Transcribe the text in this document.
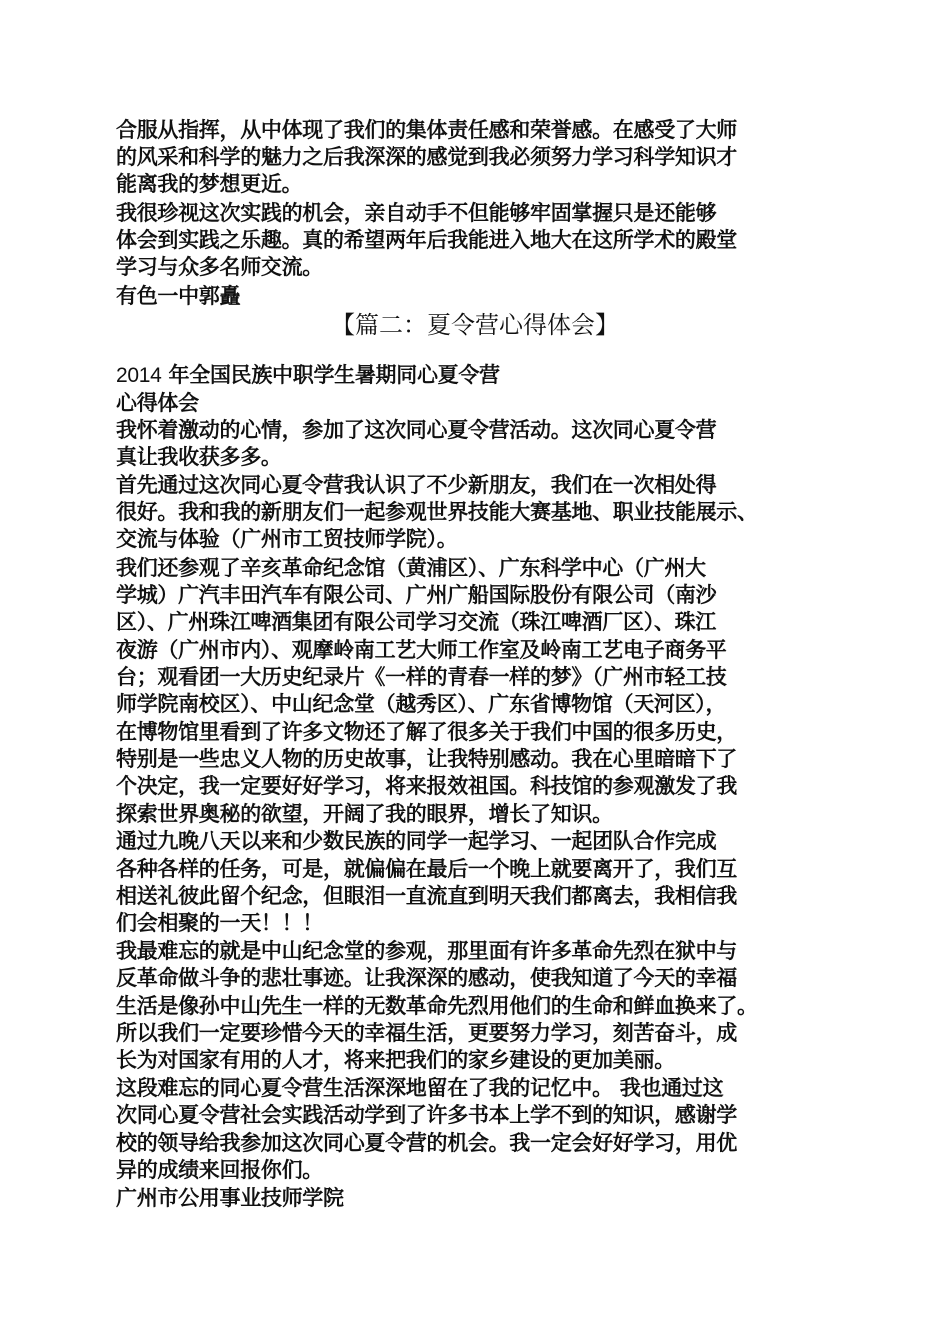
合服从指挥，从中体现了我们的集体责任感和荣誉感。在感受了大师
的风采和科学的魅力之后我深深的感觉到我必须努力学习科学知识才
能离我的梦想更近。
我很珍视这次实践的机会，亲自动手不但能够牢固掌握只是还能够
体会到实践之乐趣。真的希望两年后我能进入地大在这所学术的殿堂
学习与众多名师交流。
有色一中郭矗
【篇二：夏令营心得体会】
2014 年全国民族中职学生暑期同心夏令营
心得体会
我怀着激动的心情，参加了这次同心夏令营活动。这次同心夏令营
真让我收获多多。
首先通过这次同心夏令营我认识了不少新朋友，我们在一次相处得
很好。我和我的新朋友们一起参观世界技能大赛基地、职业技能展示、
交流与体验（广州市工贸技师学院）。
我们还参观了辛亥革命纪念馆（黄浦区）、广东科学中心（广州大
学城）广汽丰田汽车有限公司、广州广船国际股份有限公司（南沙
区）、广州珠江啤酒集团有限公司学习交流（珠江啤酒厂区）、珠江
夜游（广州市内）、观摩岭南工艺大师工作室及岭南工艺电子商务平
台；观看团一大历史纪录片《一样的青春一样的梦》（广州市轻工技
师学院南校区）、中山纪念堂（越秀区）、广东省博物馆（天河区），
在博物馆里看到了许多文物还了解了很多关于我们中国的很多历史，
特别是一些忠义人物的历史故事，让我特别感动。我在心里暗暗下了
个决定，我一定要好好学习，将来报效祖国。科技馆的参观激发了我
探索世界奥秘的欲望，开阔了我的眼界，增长了知识。
通过九晚八天以来和少数民族的同学一起学习、一起团队合作完成
各种各样的任务，可是，就偏偏在最后一个晚上就要离开了，我们互
相送礼彼此留个纪念，但眼泪一直流直到明天我们都离去，我相信我
们会相聚的一天！！！
我最难忘的就是中山纪念堂的参观，那里面有许多革命先烈在狱中与
反革命做斗争的悲壮事迹。让我深深的感动，使我知道了今天的幸福
生活是像孙中山先生一样的无数革命先烈用他们的生命和鲜血换来了。
所以我们一定要珍惜今天的幸福生活，更要努力学习，刻苦奋斗，成
长为对国家有用的人才，将来把我们的家乡建设的更加美丽。
这段难忘的同心夏令营生活深深地留在了我的记忆中。 我也通过这
次同心夏令营社会实践活动学到了许多书本上学不到的知识，感谢学
校的领导给我参加这次同心夏令营的机会。我一定会好好学习，用优
异的成绩来回报你们。
广州市公用事业技师学院
